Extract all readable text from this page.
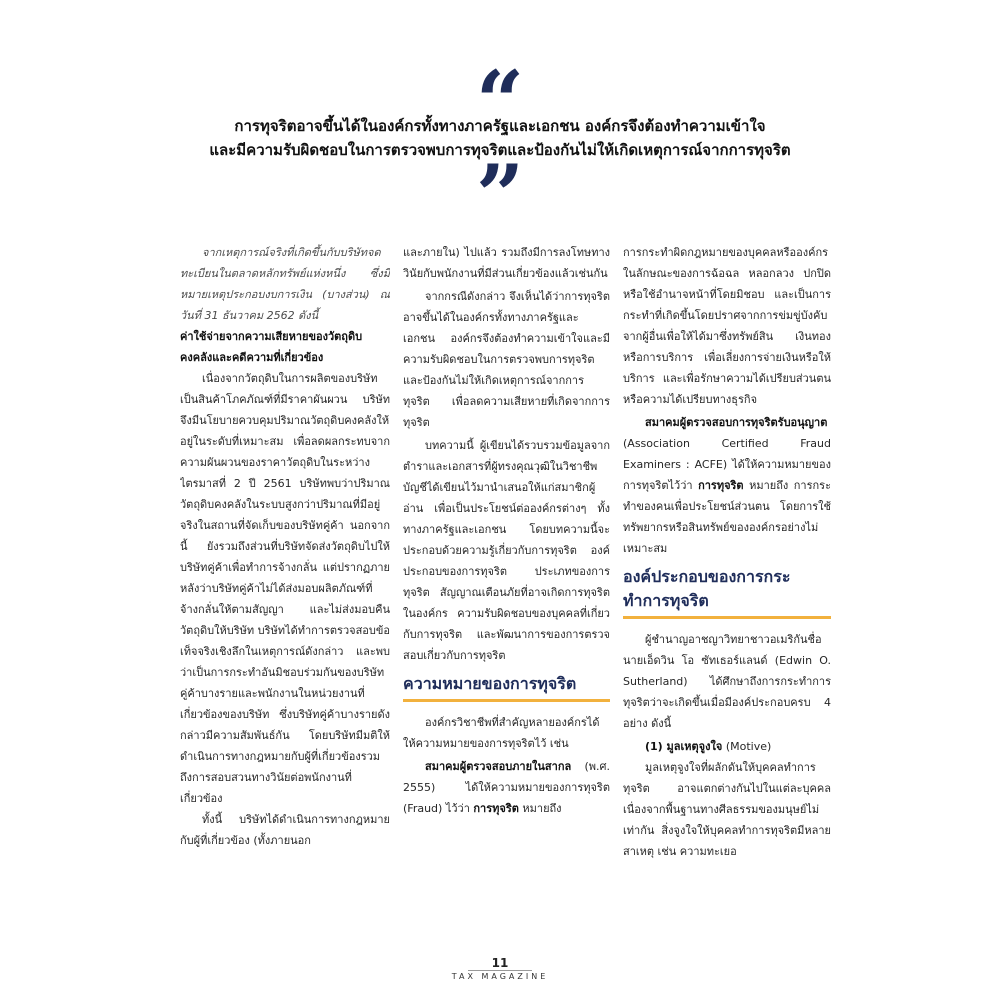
“
การทุจริตอาจขึ้นได้ในองค์กรทั้งทางภาครัฐและเอกชน องค์กรจึงต้องทำความเข้าใจ
และมีความรับผิดชอบในการตรวจพบการทุจริตและป้องกันไม่ให้เกิดเหตุการณ์จากการทุจริต
”

จากเหตุการณ์จริงที่เกิดขึ้นกับบริษัทจดทะเบียนในตลาดหลักทรัพย์แห่งหนึ่ง ซึ่งมีหมายเหตุประกอบงบการเงิน (บางส่วน) ณ วันที่ 31 ธันวาคม 2562 ดังนี้

ค่าใช้จ่ายจากความเสียหายของวัตถุดิบคงคลังและคดีความที่เกี่ยวข้อง

เนื่องจากวัตถุดิบในการผลิตของบริษัทเป็นสินค้าโภคภัณฑ์ที่มีราคาผันผวน บริษัทจึงมีนโยบายควบคุมปริมาณวัตถุดิบคงคลังให้อยู่ในระดับที่เหมาะสม เพื่อลดผลกระทบจากความผันผวนของราคาวัตถุดิบในระหว่างไตรมาสที่ 2 ปี 2561 บริษัทพบว่าปริมาณวัตถุดิบคงคลังในระบบสูงกว่าปริมาณที่มีอยู่จริงในสถานที่จัดเก็บของบริษัทคู่ค้า นอกจากนี้ ยังรวมถึงส่วนที่บริษัทจัดส่งวัตถุดิบไปให้บริษัทคู่ค้าเพื่อทำการจ้างกลั่น แต่ปรากฏภายหลังว่าบริษัทคู่ค้าไม่ได้ส่งมอบผลิตภัณฑ์ที่จ้างกลั่นให้ตามสัญญา และไม่ส่งมอบคืนวัตถุดิบให้บริษัท บริษัทได้ทำการตรวจสอบข้อเท็จจริงเชิงลึกในเหตุการณ์ดังกล่าว และพบว่าเป็นการกระทำอันมิชอบร่วมกันของบริษัทคู่ค้าบางรายและพนักงานในหน่วยงานที่เกี่ยวข้องของบริษัท ซึ่งบริษัทคู่ค้าบางรายดังกล่าวมีความสัมพันธ์กัน โดยบริษัทมีมติให้ดำเนินการทางกฎหมายกับผู้ที่เกี่ยวข้องรวมถึงการสอบสวนทางวินัยต่อพนักงานที่เกี่ยวข้อง

ทั้งนี้ บริษัทได้ดำเนินการทางกฎหมายกับผู้ที่เกี่ยวข้อง (ทั้งภายนอก

และภายใน) ไปแล้ว รวมถึงมีการลงโทษทางวินัยกับพนักงานที่มีส่วนเกี่ยวข้องแล้วเช่นกัน

จากกรณีดังกล่าว จึงเห็นได้ว่าการทุจริตอาจขึ้นได้ในองค์กรทั้งทางภาครัฐและเอกชน องค์กรจึงต้องทำความเข้าใจและมีความรับผิดชอบในการตรวจพบการทุจริตและป้องกันไม่ให้เกิดเหตุการณ์จากการทุจริต เพื่อลดความเสียหายที่เกิดจากการทุจริต

บทความนี้ ผู้เขียนได้รวบรวมข้อมูลจากตำราและเอกสารที่ผู้ทรงคุณวุฒิในวิชาชีพบัญชีได้เขียนไว้มานำเสนอให้แก่สมาชิกผู้อ่าน เพื่อเป็นประโยชน์ต่อองค์กรต่างๆ ทั้งทางภาครัฐและเอกชน โดยบทความนี้จะประกอบด้วยความรู้เกี่ยวกับการทุจริต องค์ประกอบของการทุจริต ประเภทของการทุจริต สัญญาณเตือนภัยที่อาจเกิดการทุจริตในองค์กร ความรับผิดชอบของบุคคลที่เกี่ยวกับการทุจริต และพัฒนาการของการตรวจสอบเกี่ยวกับการทุจริต

ความหมายของการทุจริต

องค์กรวิชาชีพที่สำคัญหลายองค์กรได้ให้ความหมายของการทุจริตไว้ เช่น

สมาคมผู้ตรวจสอบภายในสากล (พ.ศ. 2555) ได้ให้ความหมายของการทุจริต (Fraud) ไว้ว่า การทุจริต หมายถึง

การกระทำผิดกฎหมายของบุคคลหรือองค์กรในลักษณะของการฉ้อฉล หลอกลวง ปกปิด หรือใช้อำนาจหน้าที่โดยมิชอบ และเป็นการกระทำที่เกิดขึ้นโดยปราศจากการข่มขู่บังคับจากผู้อื่นเพื่อให้ได้มาซึ่งทรัพย์สิน เงินทอง หรือการบริการ เพื่อเลี่ยงการจ่ายเงินหรือให้บริการ และเพื่อรักษาความได้เปรียบส่วนตน หรือความได้เปรียบทางธุรกิจ

สมาคมผู้ตรวจสอบการทุจริตรับอนุญาต (Association Certified Fraud Examiners : ACFE) ได้ให้ความหมายของการทุจริตไว้ว่า การทุจริต หมายถึง การกระทำของคนเพื่อประโยชน์ส่วนตน โดยการใช้ทรัพยากรหรือสินทรัพย์ขององค์กรอย่างไม่เหมาะสม

องค์ประกอบของการกระทำการทุจริต

ผู้ชำนาญอาชญาวิทยาชาวอเมริกันชื่อ นายเอ็ดวิน โอ ซัทเธอร์แลนด์ (Edwin O. Sutherland) ได้ศึกษาถึงการกระทำการทุจริตว่าจะเกิดขึ้นเมื่อมีองค์ประกอบครบ 4 อย่าง ดังนี้

(1) มูลเหตุจูงใจ (Motive)

มูลเหตุจูงใจที่ผลักดันให้บุคคลทำการทุจริต อาจแตกต่างกันไปในแต่ละบุคคล เนื่องจากพื้นฐานทางศีลธรรมของมนุษย์ไม่เท่ากัน สิ่งจูงใจให้บุคคลทำการทุจริตมีหลายสาเหตุ เช่น ความทะเยอ

11
TAX MAGAZINE
